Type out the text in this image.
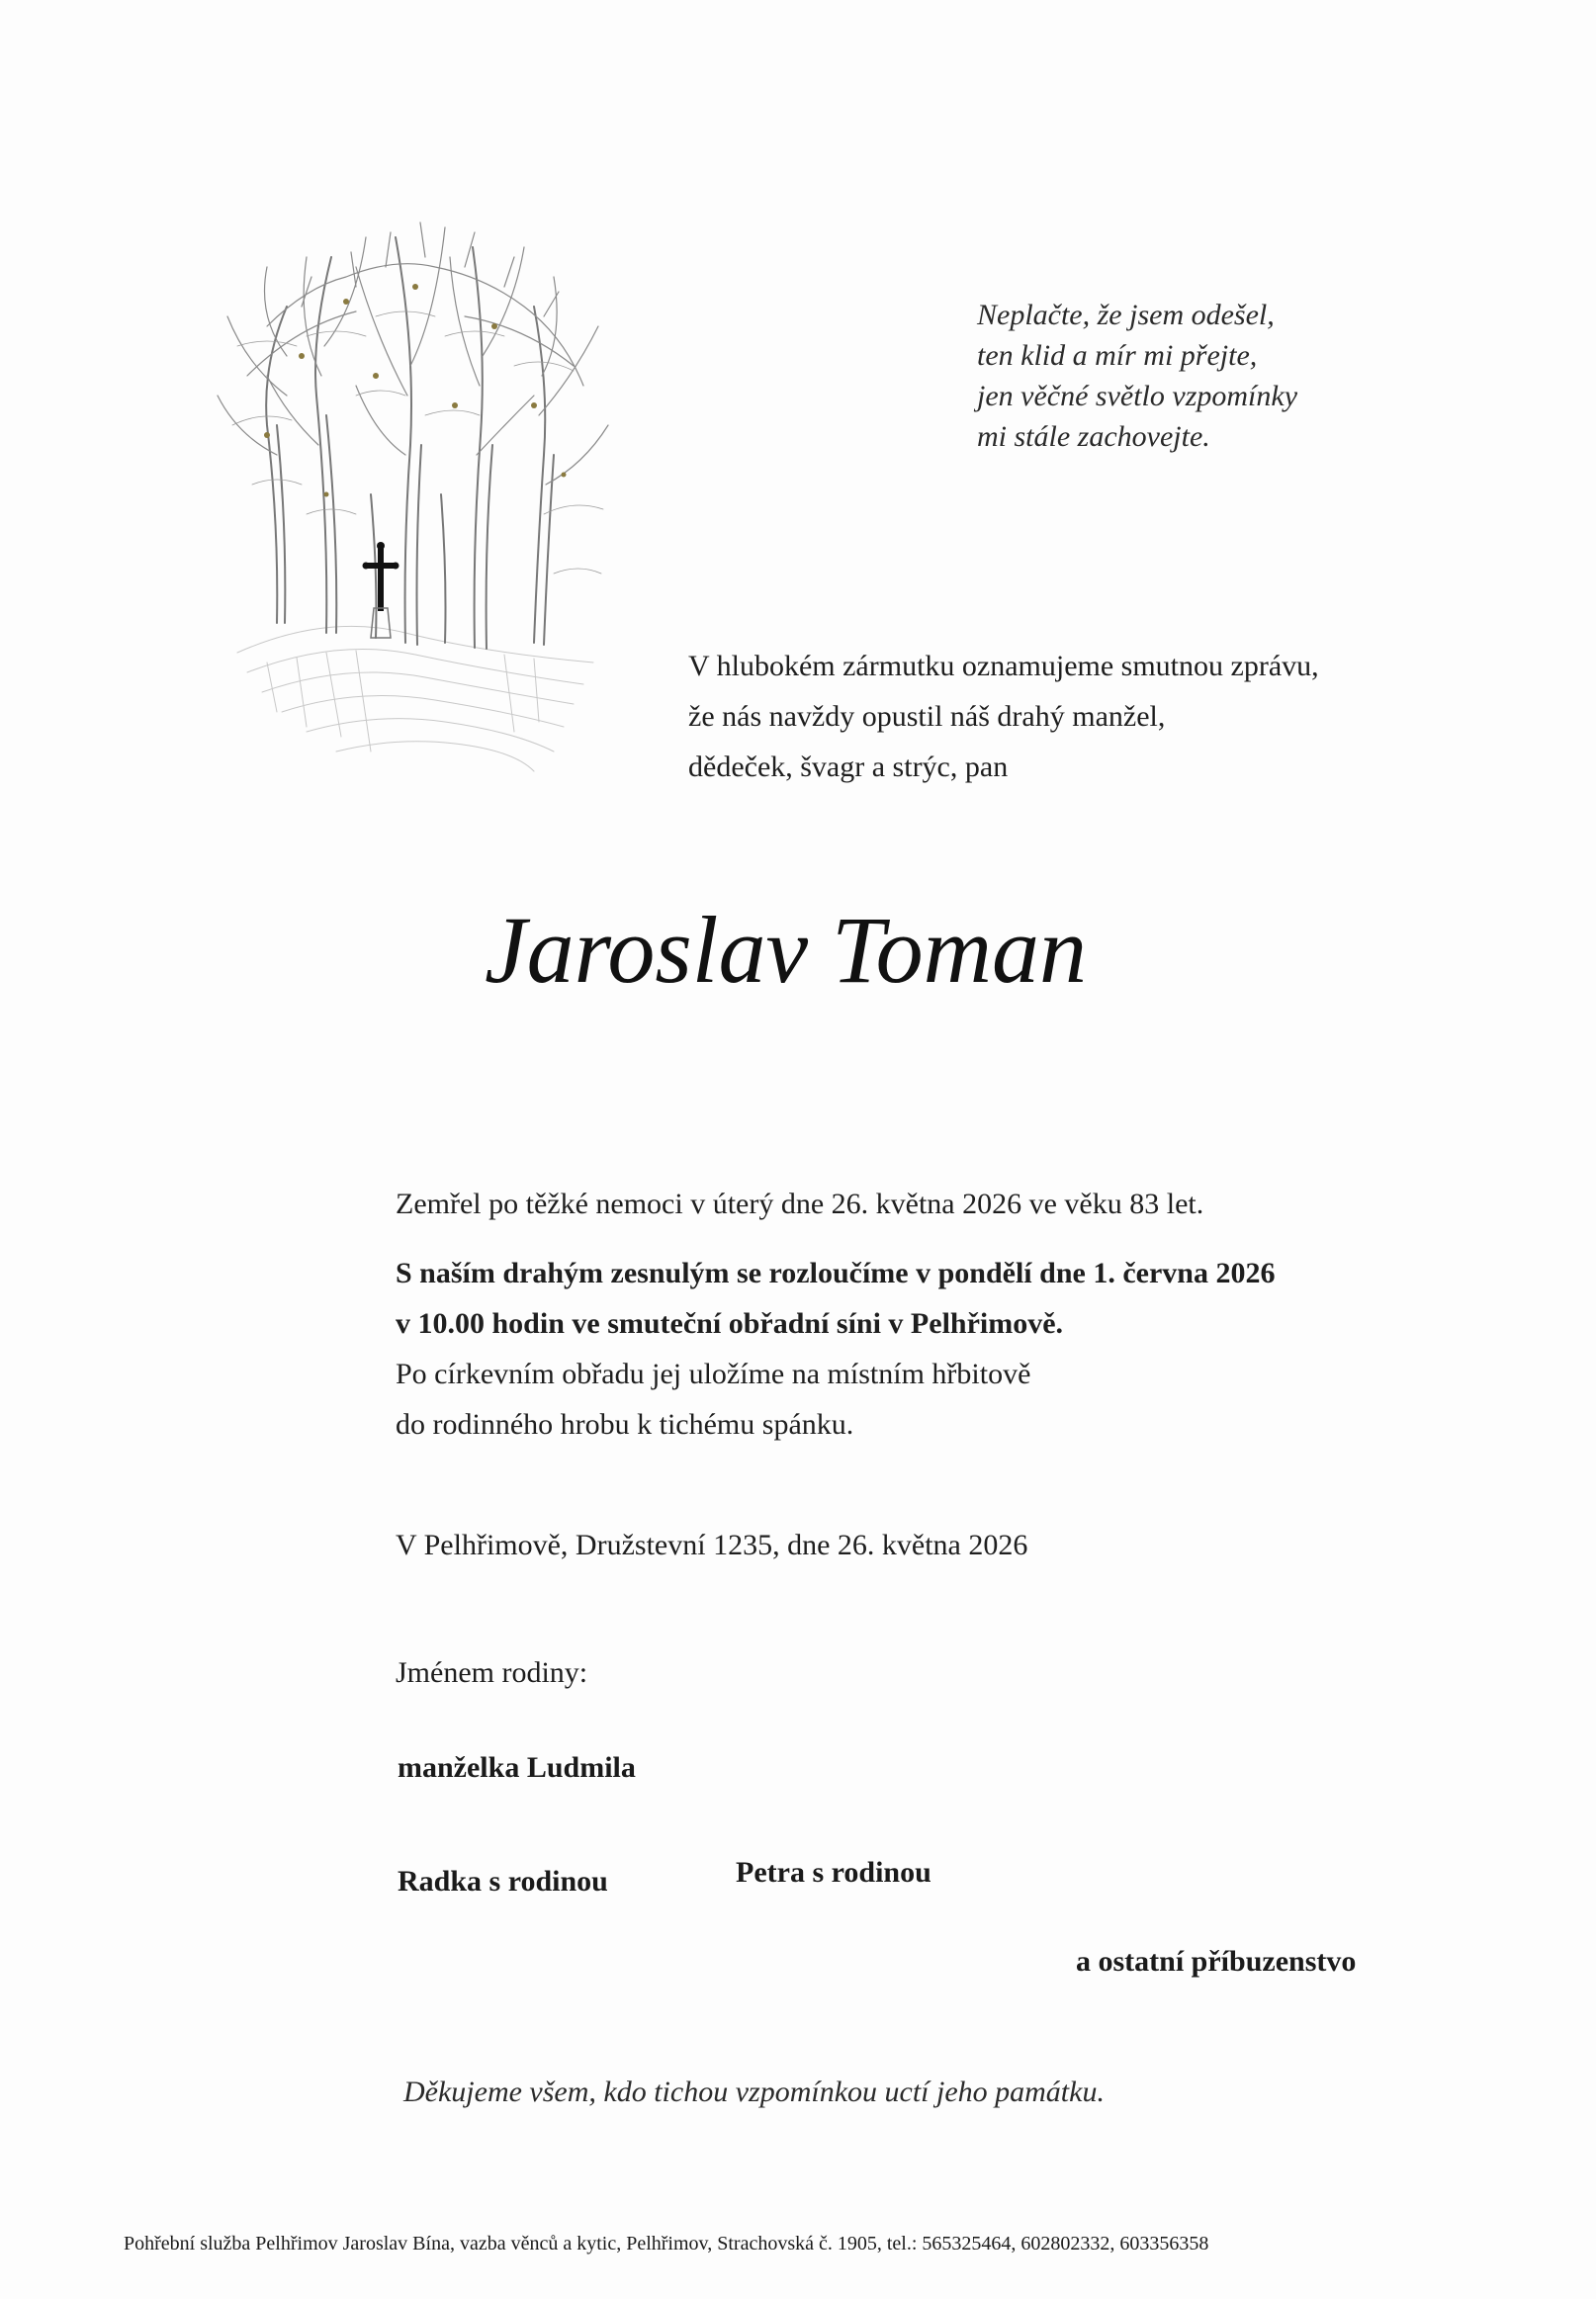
Neplačte, že jsem odešel,
ten klid a mír mi přejte,
jen věčné světlo vzpomínky
mi stále zachovejte.
V hlubokém zármutku oznamujeme smutnou zprávu,
že nás navždy opustil náš drahý manžel,
dědeček, švagr a strýc, pan
Jaroslav Toman
Zemřel po těžké nemoci v úterý dne 26. května 2026 ve věku 83 let.
S naším drahým zesnulým se rozloučíme v pondělí dne 1. června 2026
v 10.00 hodin ve smuteční obřadní síni v Pelhřimově.
Po církevním obřadu jej uložíme na místním hřbitově
do rodinného hrobu k tichému spánku.
V Pelhřimově, Družstevní 1235, dne 26. května 2026
Jménem rodiny:
manželka Ludmila
Radka s rodinou	Petra s rodinou
a ostatní příbuzenstvo
Děkujeme všem, kdo tichou vzpomínkou uctí jeho památku.
Pohřební služba Pelhřimov Jaroslav Bína, vazba věnců a kytic, Pelhřimov, Strachovská č. 1905, tel.: 565325464, 602802332, 603356358
